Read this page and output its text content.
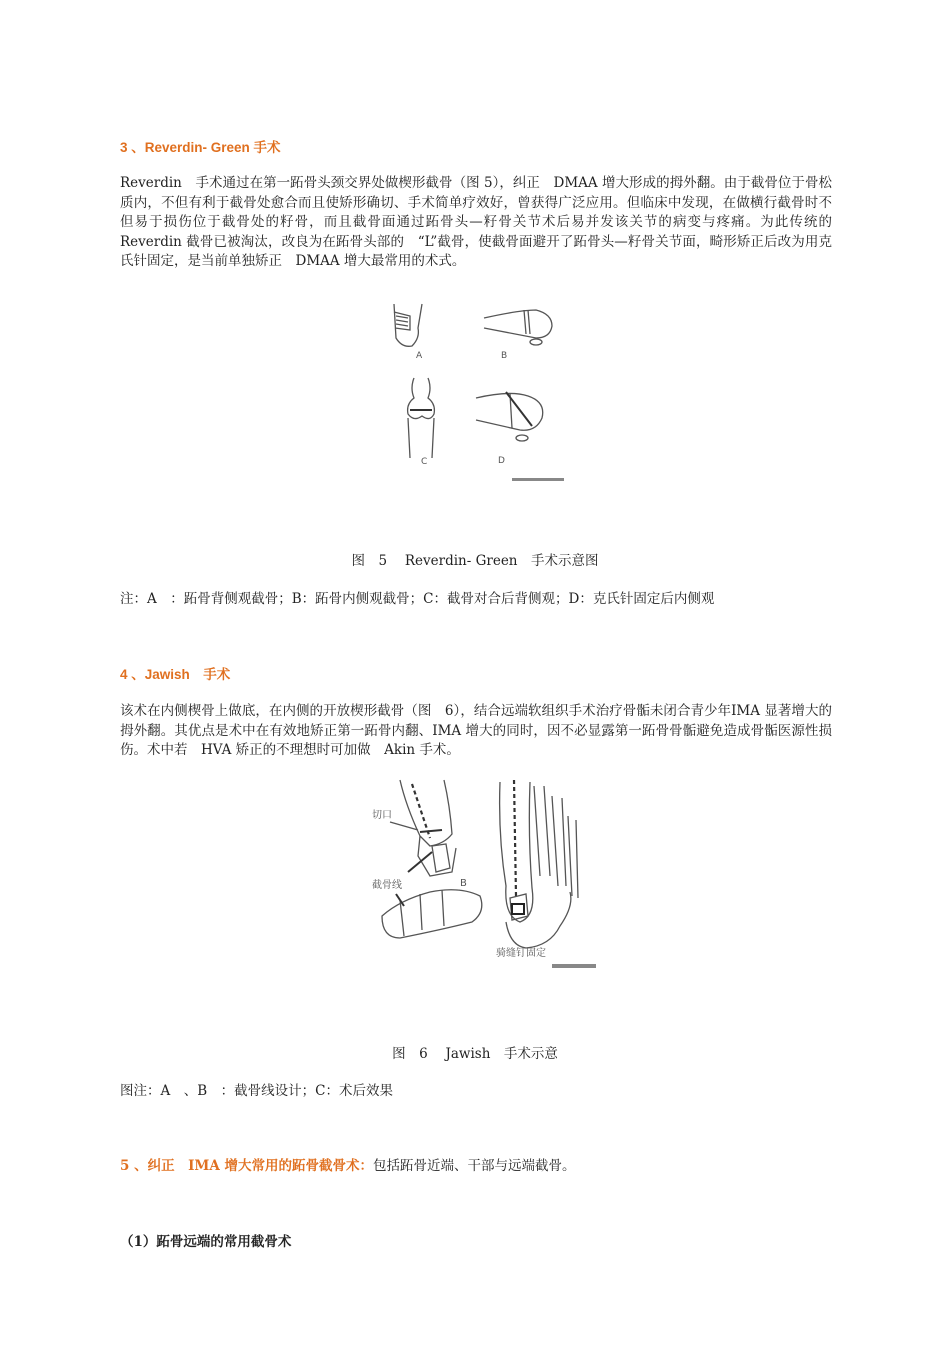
3 、Reverdin- Green 手术
Reverdin　手术通过在第一跖骨头颈交界处做楔形截骨（图 5），纠正　DMAA 增大形成的拇外翻。由于截骨位于骨松质内，不但有利于截骨处愈合而且使矫形确切、手术简单疗效好，曾获得广泛应用。但临床中发现，在做横行截骨时不但易于损伤位于截骨处的籽骨，而且截骨面通过跖骨头—籽骨关节术后易并发该关节的病变与疼痛。为此传统的　Reverdin 截骨已被淘汰，改良为在跖骨头部的　“L”截骨，使截骨面避开了跖骨头—籽骨关节面，畸形矫正后改为用克氏针固定，是当前单独矫正　DMAA 增大最常用的术式。
A	B
C	D
图　5　 Reverdin- Green　手术示意图
注：A　：跖骨背侧观截骨；B：跖骨内侧观截骨；C：截骨对合后背侧观；D：克氏针固定后内侧观
4 、Jawish　手术
该术在内侧楔骨上做底，在内侧的开放楔形截骨（图　6），结合远端软组织手术治疗骨骺未闭合青少年IMA 显著增大的拇外翻。其优点是术中在有效地矫正第一跖骨内翻、IMA 增大的同时，因不必显露第一跖骨骨骺避免造成骨骺医源性损伤。术中若　HVA 矫正的不理想时可加做　Akin 手术。
切口
截骨线	B
骑缝钉固定
图　6　 Jawish　手术示意
图注：A　、B　：截骨线设计；C：术后效果
5 、纠正　IMA 增大常用的跖骨截骨术：包括跖骨近端、干部与远端截骨。
（1）跖骨远端的常用截骨术
